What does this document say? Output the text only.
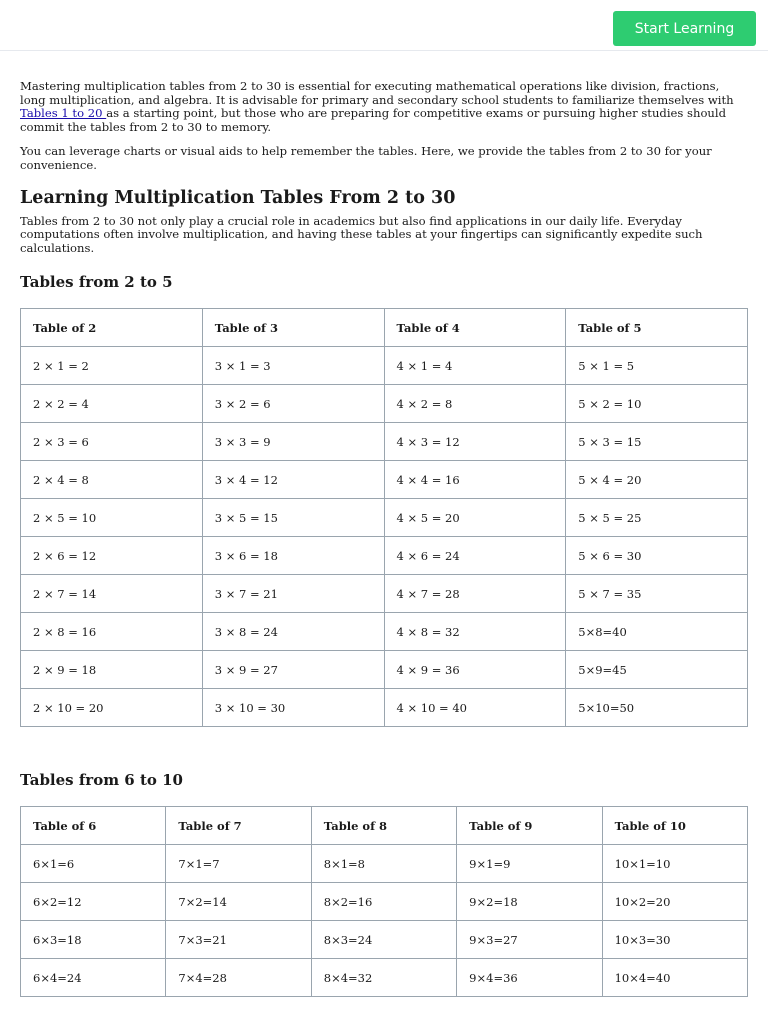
Start Learning

Mastering multiplication tables from 2 to 30 is essential for executing mathematical operations like division, fractions, long multiplication, and algebra. It is advisable for primary and secondary school students to familiarize themselves with Tables 1 to 20 as a starting point, but those who are preparing for competitive exams or pursuing higher studies should commit the tables from 2 to 30 to memory.

You can leverage charts or visual aids to help remember the tables. Here, we provide the tables from 2 to 30 for your convenience.

Learning Multiplication Tables From 2 to 30

Tables from 2 to 30 not only play a crucial role in academics but also find applications in our daily life. Everyday computations often involve multiplication, and having these tables at your fingertips can significantly expedite such calculations.

Tables from 2 to 5
Table of 2	Table of 3	Table of 4	Table of 5
2 × 1 = 2	3 × 1 = 3	4 × 1 = 4	5 × 1 = 5
2 × 2 = 4	3 × 2 = 6	4 × 2 = 8	5 × 2 = 10
2 × 3 = 6	3 × 3 = 9	4 × 3 = 12	5 × 3 = 15
2 × 4 = 8	3 × 4 = 12	4 × 4 = 16	5 × 4 = 20
2 × 5 = 10	3 × 5 = 15	4 × 5 = 20	5 × 5 = 25
2 × 6 = 12	3 × 6 = 18	4 × 6 = 24	5 × 6 = 30
2 × 7 = 14	3 × 7 = 21	4 × 7 = 28	5 × 7 = 35
2 × 8 = 16	3 × 8 = 24	4 × 8 = 32	5×8=40
2 × 9 = 18	3 × 9 = 27	4 × 9 = 36	5×9=45
2 × 10 = 20	3 × 10 = 30	4 × 10 = 40	5×10=50
Tables from 6 to 10
Table of 6	Table of 7	Table of 8	Table of 9	Table of 10
6×1=6	7×1=7	8×1=8	9×1=9	10×1=10
6×2=12	7×2=14	8×2=16	9×2=18	10×2=20
6×3=18	7×3=21	8×3=24	9×3=27	10×3=30
6×4=24	7×4=28	8×4=32	9×4=36	10×4=40
